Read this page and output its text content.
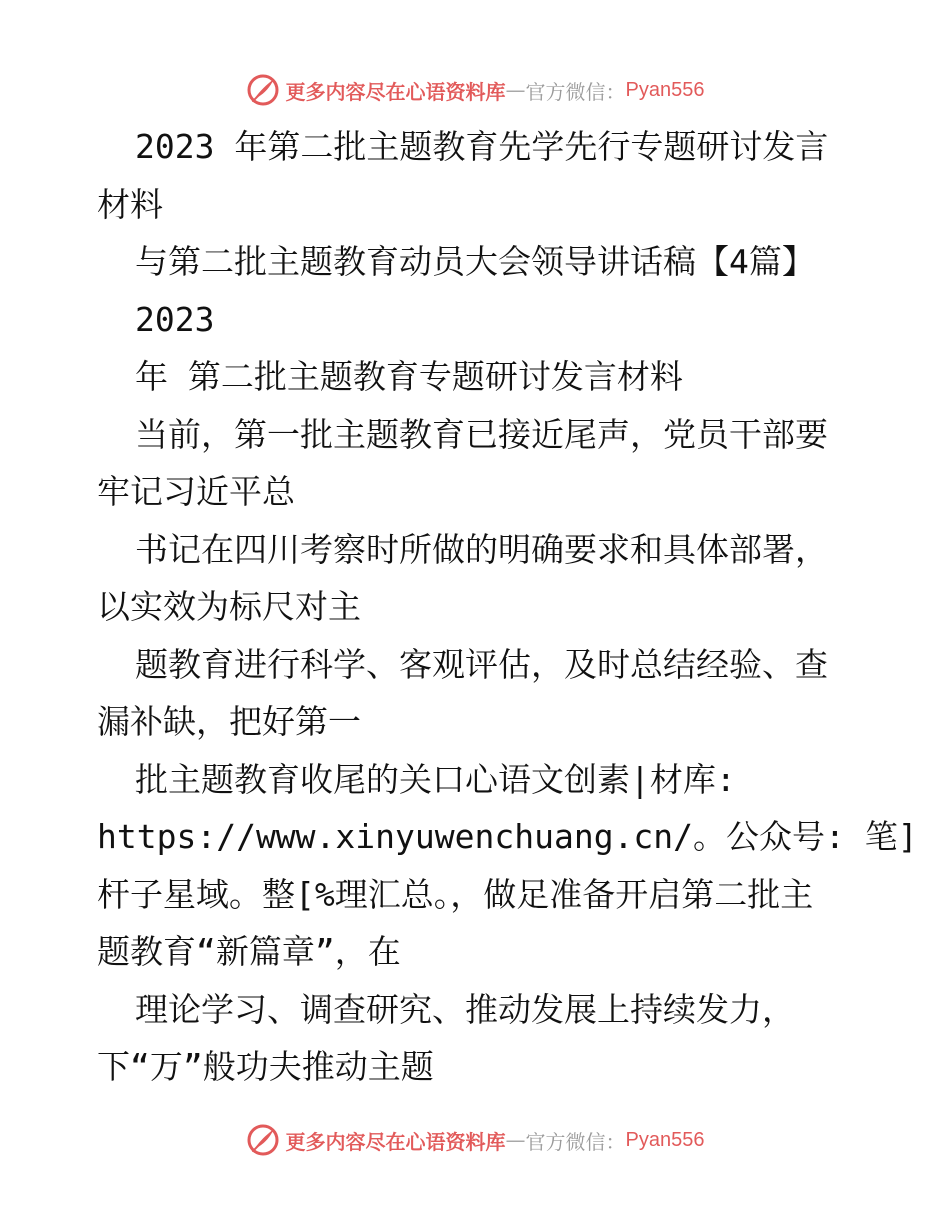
更多内容尽在心语资料库 — 官方微信： Pyan556
2023 年第二批主题教育先学先行专题研讨发言
材料
与第二批主题教育动员大会领导讲话稿【4篇】
2023
年 第二批主题教育专题研讨发言材料
当前，第一批主题教育已接近尾声，党员干部要
牢记习近平总
书记在四川考察时所做的明确要求和具体部署，
以实效为标尺对主
题教育进行科学、客观评估，及时总结经验、查
漏补缺，把好第一
批主题教育收尾的关口心语文创素|材库:
https://www.xinyuwenchuang.cn/。公众号: 笔]
杆子星域。整[%理汇总。，做足准备开启第二批主
题教育“新篇章”，在
理论学习、调查研究、推动发展上持续发力，
下“万”般功夫推动主题
更多内容尽在心语资料库 — 官方微信： Pyan556
